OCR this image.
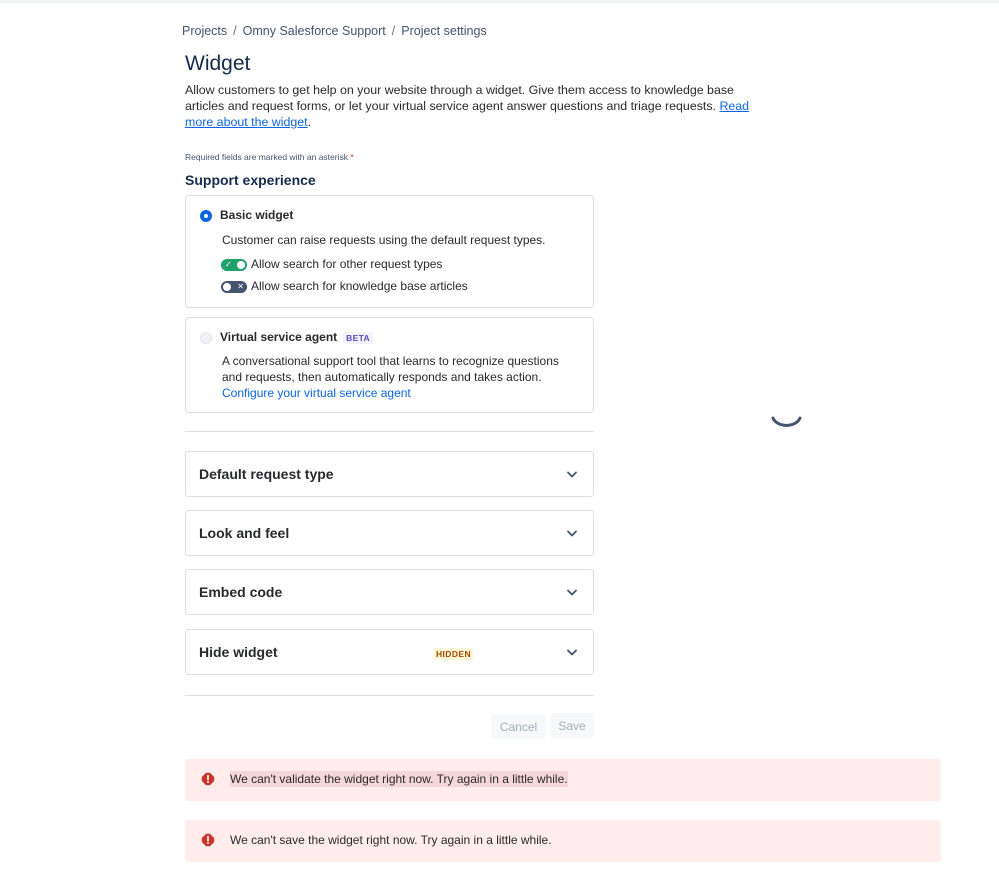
Projects / Omny Salesforce Support / Project settings
Widget
Allow customers to get help on your website through a widget. Give them access to knowledge base articles and request forms, or let your virtual service agent answer questions and triage requests. Read more about the widget.
Required fields are marked with an asterisk *
Support experience
Basic widget
Customer can raise requests using the default request types.
✓ Allow search for other request types
✕ Allow search for knowledge base articles
Virtual service agent BETA
A conversational support tool that learns to recognize questions
and requests, then automatically responds and takes action.
Configure your virtual service agent
Default request type
Look and feel
Embed code
Hide widget	HIDDEN
Cancel	Save
We can't validate the widget right now. Try again in a little while.
We can't save the widget right now. Try again in a little while.
